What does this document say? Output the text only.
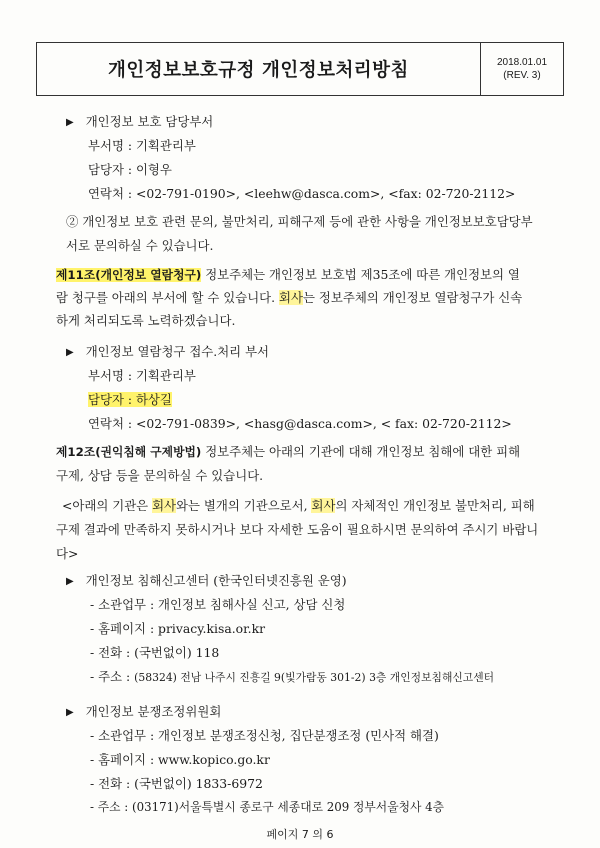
개인정보보호규정 개인정보처리방침	2018.01.01
(REV. 3)
▶ 개인정보 보호 담당부서
부서명 : 기획관리부
담당자 : 이형우
연락처 : <02-791-0190>, <leehw@dasca.com>, <fax: 02-720-2112>
② 개인정보 보호 관련 문의, 불만처리, 피해구제 등에 관한 사항을 개인정보보호담당부
서로 문의하실 수 있습니다.
제11조(개인정보 열람청구) 정보주체는 개인정보 보호법 제35조에 따른 개인정보의 열
람 청구를 아래의 부서에 할 수 있습니다. 회사는 정보주체의 개인정보 열람청구가 신속
하게 처리되도록 노력하겠습니다.
▶ 개인정보 열람청구 접수.처리 부서
부서명 : 기획관리부
담당자 : 하상길
연락처 : <02-791-0839>, <hasg@dasca.com>, < fax: 02-720-2112>
제12조(권익침해 구제방법) 정보주체는 아래의 기관에 대해 개인정보 침해에 대한 피해
구제, 상담 등을 문의하실 수 있습니다.
<아래의 기관은 회사와는 별개의 기관으로서, 회사의 자체적인 개인정보 불만처리, 피해
구제 결과에 만족하지 못하시거나 보다 자세한 도움이 필요하시면 문의하여 주시기 바랍니
다>
▶ 개인정보 침해신고센터 (한국인터넷진흥원 운영)
- 소관업무 : 개인정보 침해사실 신고, 상담 신청
- 홈페이지 : privacy.kisa.or.kr
- 전화 : (국번없이) 118
- 주소 : (58324) 전남 나주시 진흥길 9(빛가람동 301-2) 3층 개인정보침해신고센터
▶ 개인정보 분쟁조정위원회
- 소관업무 : 개인정보 분쟁조정신청, 집단분쟁조정 (민사적 해결)
- 홈페이지 : www.kopico.go.kr
- 전화 : (국번없이) 1833-6972
- 주소 : (03171)서울특별시 종로구 세종대로 209 정부서울청사 4층
페이지 7 의 6
